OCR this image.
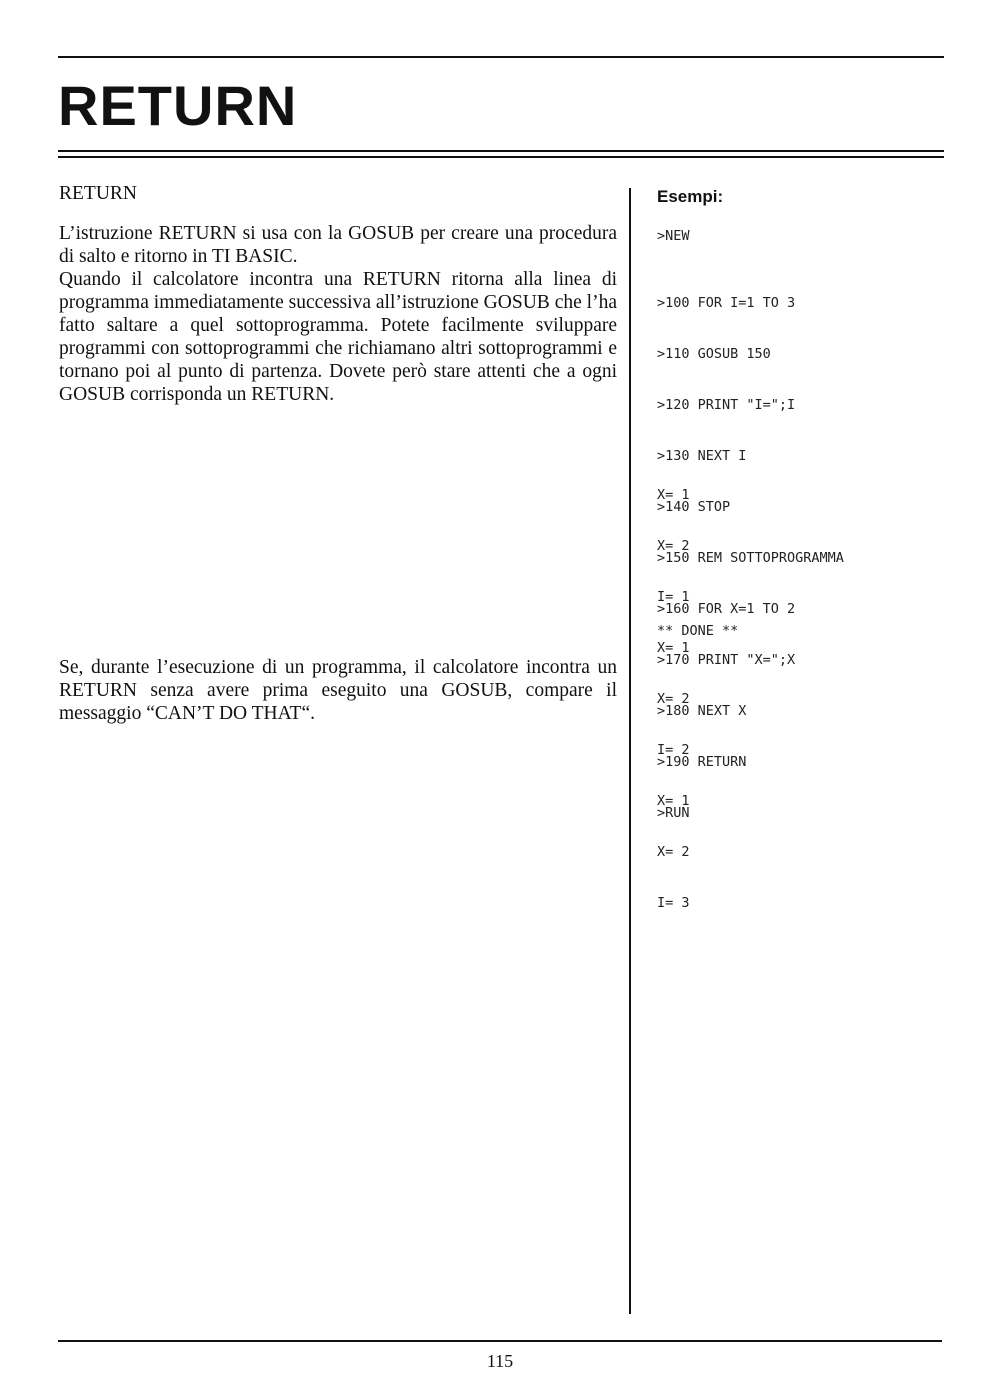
RETURN

RETURN

L’istruzione RETURN si usa con la GOSUB per creare una procedura di salto e ritorno in TI BASIC.

Quando il calcolatore incontra una RETURN ritorna alla linea di programma immediatamente successiva all’istruzione GOSUB che l’ha fatto saltare a quel sottoprogramma. Potete facilmente sviluppare programmi con sottoprogrammi che richiamano altri sottoprogrammi e tornano poi al punto di partenza. Dovete però stare attenti che a ogni GOSUB corrisponda un RETURN.

Se, durante l’esecuzione di un programma, il calcolatore incontra un RETURN senza avere prima eseguito una GOSUB, compare il messaggio “CAN’T DO THAT“.

Esempi:
>NEW

>100 FOR I=1 TO 3

>110 GOSUB 150

>120 PRINT "I=";I

>130 NEXT I

>140 STOP

>150 REM SOTTOPROGRAMMA

>160 FOR X=1 TO 2

>170 PRINT "X=";X

>180 NEXT X

>190 RETURN

>RUN

X= 1

X= 2

I= 1

X= 1

X= 2

I= 2

X= 1

X= 2

I= 3

** DONE **
115
